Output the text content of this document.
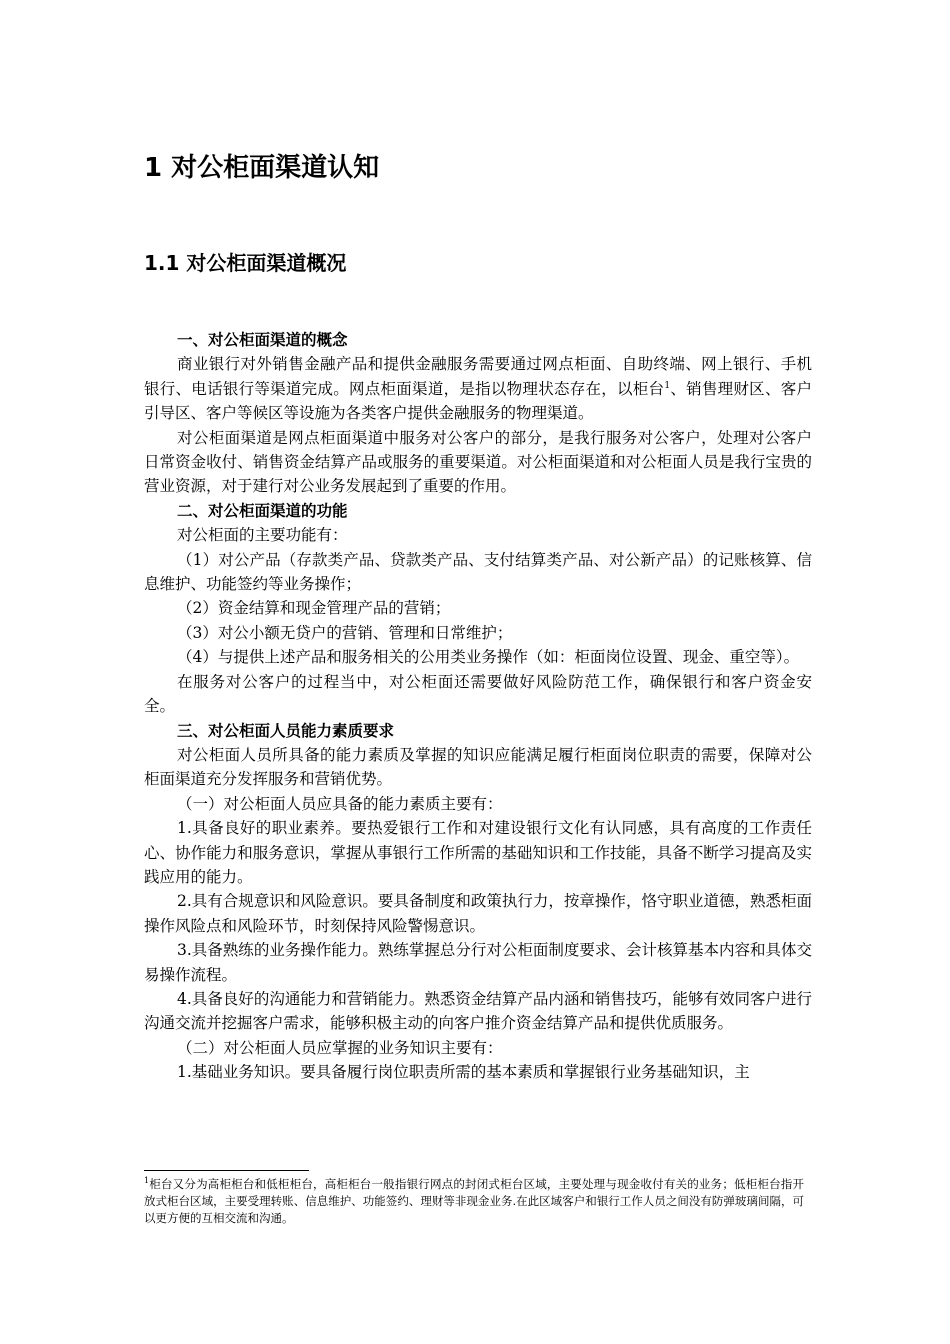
1 对公柜面渠道认知
1.1 对公柜面渠道概况

一、对公柜面渠道的概念

商业银行对外销售金融产品和提供金融服务需要通过网点柜面、自助终端、网上银行、手机银行、电话银行等渠道完成。网点柜面渠道，是指以物理状态存在，以柜台$^1$、销售理财区、客户引导区、客户等候区等设施为各类客户提供金融服务的物理渠道。

对公柜面渠道是网点柜面渠道中服务对公客户的部分，是我行服务对公客户，处理对公客户日常资金收付、销售资金结算产品或服务的重要渠道。对公柜面渠道和对公柜面人员是我行宝贵的营业资源，对于建行对公业务发展起到了重要的作用。

二、对公柜面渠道的功能

对公柜面的主要功能有：

（1）对公产品（存款类产品、贷款类产品、支付结算类产品、对公新产品）的记账核算、信息维护、功能签约等业务操作；

（2）资金结算和现金管理产品的营销；

（3）对公小额无贷户的营销、管理和日常维护；

（4）与提供上述产品和服务相关的公用类业务操作（如：柜面岗位设置、现金、重空等）。

在服务对公客户的过程当中，对公柜面还需要做好风险防范工作，确保银行和客户资金安全。

三、对公柜面人员能力素质要求

对公柜面人员所具备的能力素质及掌握的知识应能满足履行柜面岗位职责的需要，保障对公柜面渠道充分发挥服务和营销优势。

（一）对公柜面人员应具备的能力素质主要有：

1.具备良好的职业素养。要热爱银行工作和对建设银行文化有认同感，具有高度的工作责任心、协作能力和服务意识，掌握从事银行工作所需的基础知识和工作技能，具备不断学习提高及实践应用的能力。

2.具有合规意识和风险意识。要具备制度和政策执行力，按章操作，恪守职业道德，熟悉柜面操作风险点和风险环节，时刻保持风险警惕意识。

3.具备熟练的业务操作能力。熟练掌握总分行对公柜面制度要求、会计核算基本内容和具体交易操作流程。

4.具备良好的沟通能力和营销能力。熟悉资金结算产品内涵和销售技巧，能够有效同客户进行沟通交流并挖掘客户需求，能够积极主动的向客户推介资金结算产品和提供优质服务。

（二）对公柜面人员应掌握的业务知识主要有：

1.基础业务知识。要具备履行岗位职责所需的基本素质和掌握银行业务基础知识，主

$^1$柜台又分为高柜柜台和低柜柜台，高柜柜台一般指银行网点的封闭式柜台区域，主要处理与现金收付有关的业务；低柜柜台指开放式柜台区域，主要受理转账、信息维护、功能签约、理财等非现金业务.在此区域客户和银行工作人员之间没有防弹玻璃间隔，可以更方便的互相交流和沟通。
